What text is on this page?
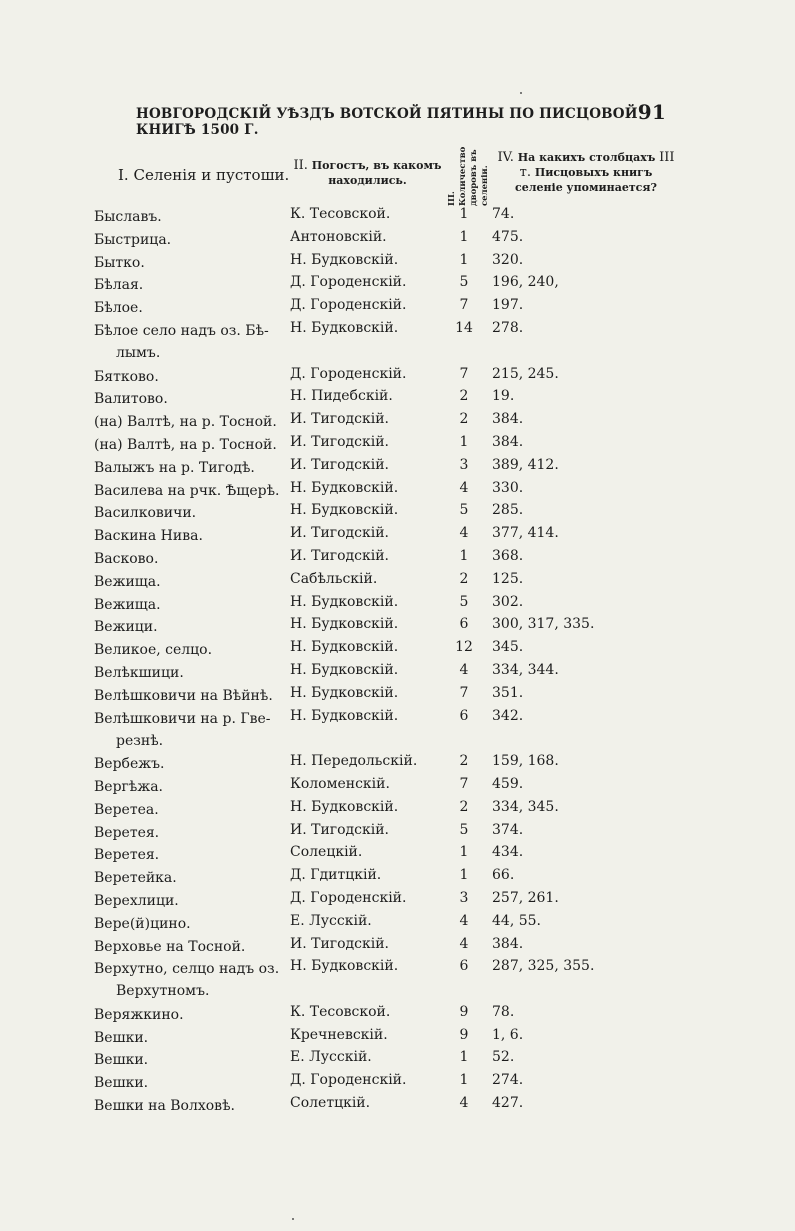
НОВГОРОДСКІЙ УѢЗДЪ ВОТСКОЙ ПЯТИНЫ ПО ПИСЦОВОЙ КНИГѢ 1500 Г.
91
I. Селенія и пустоши.
II. Погостъ, въ какомъ находились.
III. Количество дворовъ въ селеніи.
IV. На какихъ столбцахъ III т. Писцовыхъ книгъ селеніе упоминается?
Быславъ.	К. Тесовской.	1	74.
Быстрица.	Антоновскій.	1	475.
Бытко.	Н. Будковскій.	1	320.
Бѣлая.	Д. Городенскій.	5	196, 240,
Бѣлое.	Д. Городенскій.	7	197.
Бѣлое село надъ оз. Бѣ-
лымъ.
Н. Будковскій.	14 278.
Бятково.	Д. Городенскій.	7	215, 245.
Валитово.	Н. Пидебскій.	2	19.
(на) Валтѣ, на р. Тосной. И. Тигодскій.	2	384.
(на) Валтѣ, на р. Тосной. И. Тигодскій.	1	384.
Валыжъ на р. Тигодѣ.	И. Тигодскій.	3	389, 412.
Василева на рчк. Ѣщерѣ. Н. Будковскій.	4	330.
Василковичи.	Н. Будковскій.	5	285.
Васкина Нива.	И. Тигодскій.	4	377, 414.
Васково.	И. Тигодскій.	1	368.
Вежища.	Сабѣльскій.	2	125.
Вежища.	Н. Будковскій.	5	302.
Вежици.	Н. Будковскій.	6	300, 317, 335.
Великое, селцо.	Н. Будковскій.	12 345.
Велѣкшици.	Н. Будковскій.	4	334, 344.
Велѣшковичи на Вѣйнѣ.	Н. Будковскій.	7	351.
Велѣшковичи на р. Гве-
резнѣ.
Н. Будковскій.	6	342.
Вербежъ.	Н. Передольскій.	2	159, 168.
Вергѣжа.	Коломенскій.	7	459.
Веретеа.	Н. Будковскій.	2	334, 345.
Веретея.	И. Тигодскій.	5	374.
Веретея.	Солецкій.	1	434.
Веретейка.	Д. Гдитцкій.	1	66.
Верехлици.	Д. Городенскій.	3	257, 261.
Вере(й)цино.	Е. Лусскій.	4	44, 55.
Верховье на Тосной.	И. Тигодскій.	4	384.
Верхутно, селцо надъ оз.
Верхутномъ.
Н. Будковскій.	6	287, 325, 355.
Веряжкино.	К. Тесовской.	9	78.
Вешки.	Кречневскій.	9	1, 6.
Вешки.	Е. Лусскій.	1	52.
Вешки.	Д. Городенскій.	1	274.
Вешки на Волховѣ.	Солетцкій.	4	427.
